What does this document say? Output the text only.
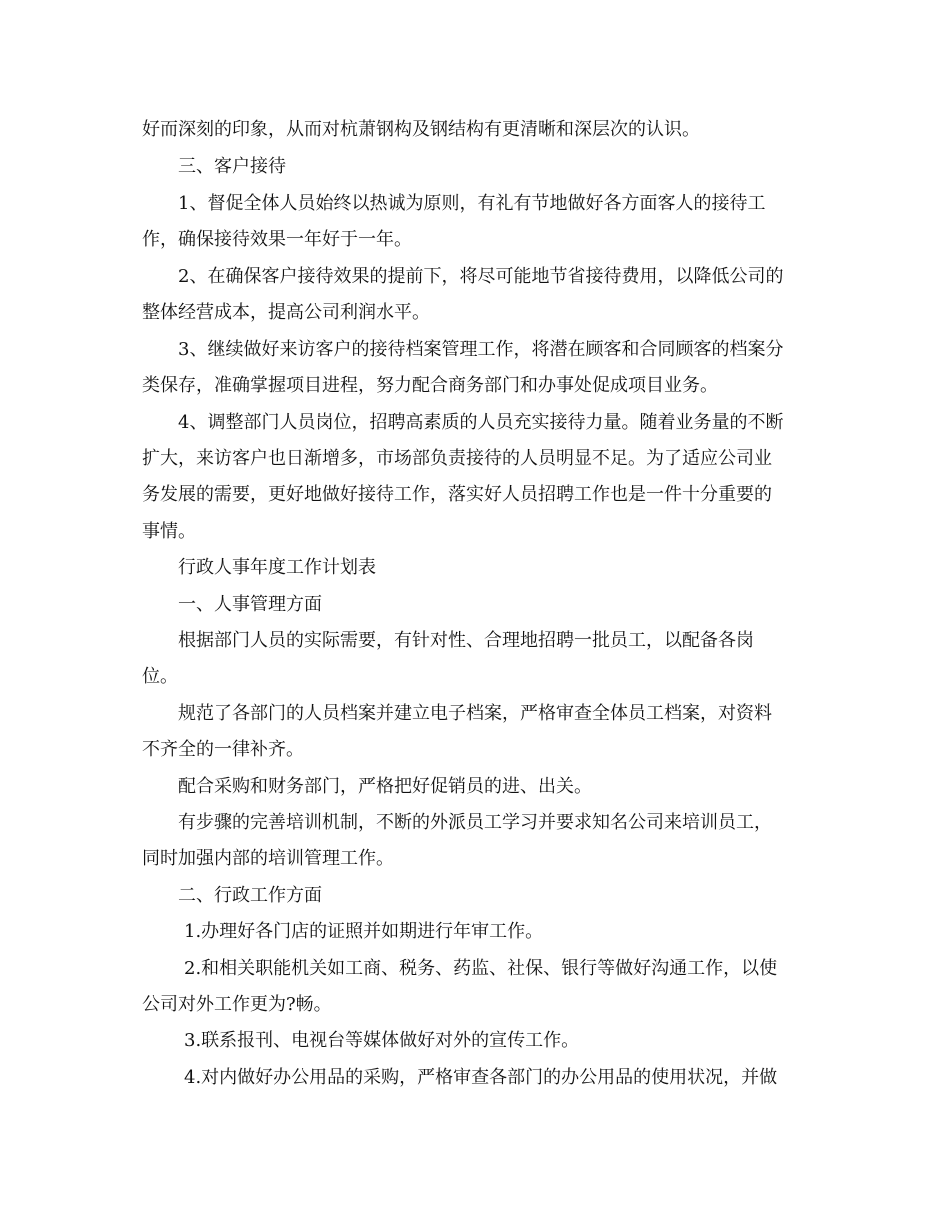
好而深刻的印象，从而对杭萧钢构及钢结构有更清晰和深层次的认识。
三、客户接待
1、督促全体人员始终以热诚为原则，有礼有节地做好各方面客人的接待工
作，确保接待效果一年好于一年。
2、在确保客户接待效果的提前下，将尽可能地节省接待费用，以降低公司的
整体经营成本，提高公司利润水平。
3、继续做好来访客户的接待档案管理工作，将潜在顾客和合同顾客的档案分
类保存，准确掌握项目进程，努力配合商务部门和办事处促成项目业务。
4、调整部门人员岗位，招聘高素质的人员充实接待力量。随着业务量的不断
扩大，来访客户也日渐增多，市场部负责接待的人员明显不足。为了适应公司业
务发展的需要，更好地做好接待工作，落实好人员招聘工作也是一件十分重要的
事情。
行政人事年度工作计划表
一、人事管理方面
根据部门人员的实际需要，有针对性、合理地招聘一批员工，以配备各岗
位。
规范了各部门的人员档案并建立电子档案，严格审查全体员工档案，对资料
不齐全的一律补齐。
配合采购和财务部门，严格把好促销员的进、出关。
有步骤的完善培训机制，不断的外派员工学习并要求知名公司来培训员工，
同时加强内部的培训管理工作。
二、行政工作方面
1.办理好各门店的证照并如期进行年审工作。
2.和相关职能机关如工商、税务、药监、社保、银行等做好沟通工作，以使
公司对外工作更为?畅。
3.联系报刊、电视台等媒体做好对外的宣传工作。
4.对内做好办公用品的采购，严格审查各部门的办公用品的使用状况，并做
